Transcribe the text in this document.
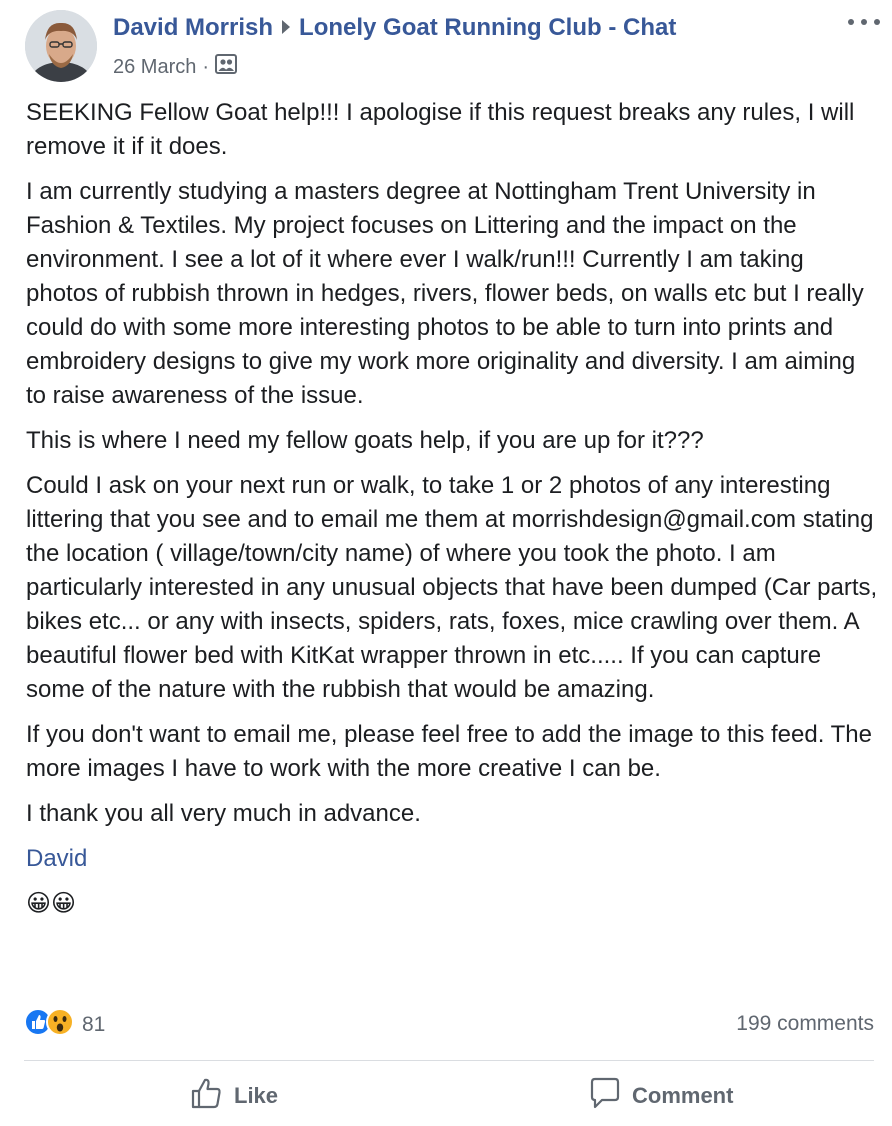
David Morrish Lonely Goat Running Club - Chat
26 March ·

SEEKING Fellow Goat help!!! I apologise if this request breaks any rules, I will remove it if it does.

I am currently studying a masters degree at Nottingham Trent University in Fashion & Textiles. My project focuses on Littering and the impact on the environment. I see a lot of it where ever I walk/run!!! Currently I am taking photos of rubbish thrown in hedges, rivers, flower beds, on walls etc but I really could do with some more interesting photos to be able to turn into prints and embroidery designs to give my work more originality and diversity. I am aiming to raise awareness of the issue.

This is where I need my fellow goats help, if you are up for it???

Could I ask on your next run or walk, to take 1 or 2 photos of any interesting littering that you see and to email me them at morrishdesign@gmail.com stating the location ( village/town/city name) of where you took the photo. I am particularly interested in any unusual objects that have been dumped (Car parts, bikes etc... or any with insects, spiders, rats, foxes, mice crawling over them. A beautiful flower bed with KitKat wrapper thrown in etc..... If you can capture some of the nature with the rubbish that would be amazing.

If you don't want to email me, please feel free to add the image to this feed. The more images I have to work with the more creative I can be.

I thank you all very much in advance.

David

😀😀
81	199 comments
Like	Comment
